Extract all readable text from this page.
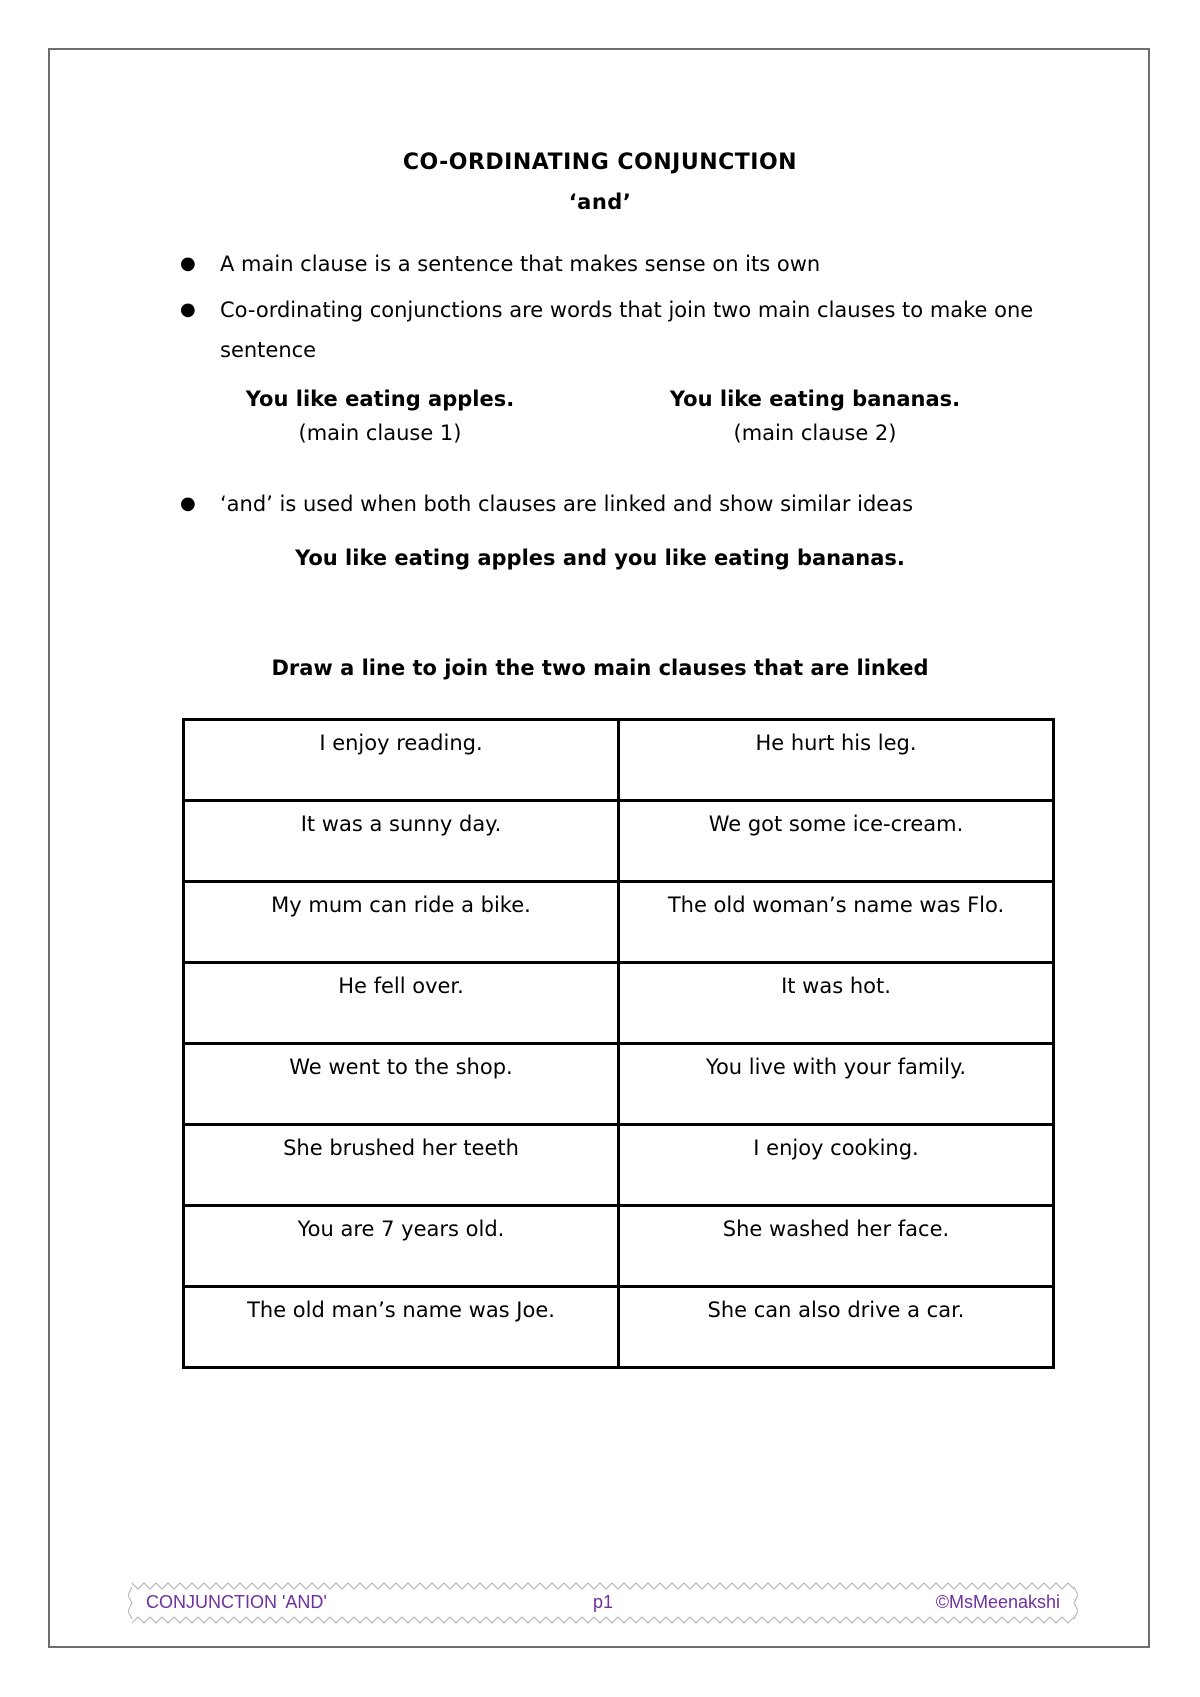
CO-ORDINATING CONJUNCTION
‘and’
● A main clause is a sentence that makes sense on its own
● Co-ordinating conjunctions are words that join two main clauses to make one sentence
You like eating apples.
(main clause 1)
You like eating bananas.
(main clause 2)
● ‘and’ is used when both clauses are linked and show similar ideas
You like eating apples and you like eating bananas.
Draw a line to join the two main clauses that are linked
I enjoy reading.	He hurt his leg.
It was a sunny day.	We got some ice-cream.
My mum can ride a bike.	The old woman’s name was Flo.
He fell over.	It was hot.
We went to the shop.	You live with your family.
She brushed her teeth	I enjoy cooking.
You are 7 years old.	She washed her face.
The old man’s name was Joe.	She can also drive a car.
CONJUNCTION 'AND'	p1	©MsMeenakshi
